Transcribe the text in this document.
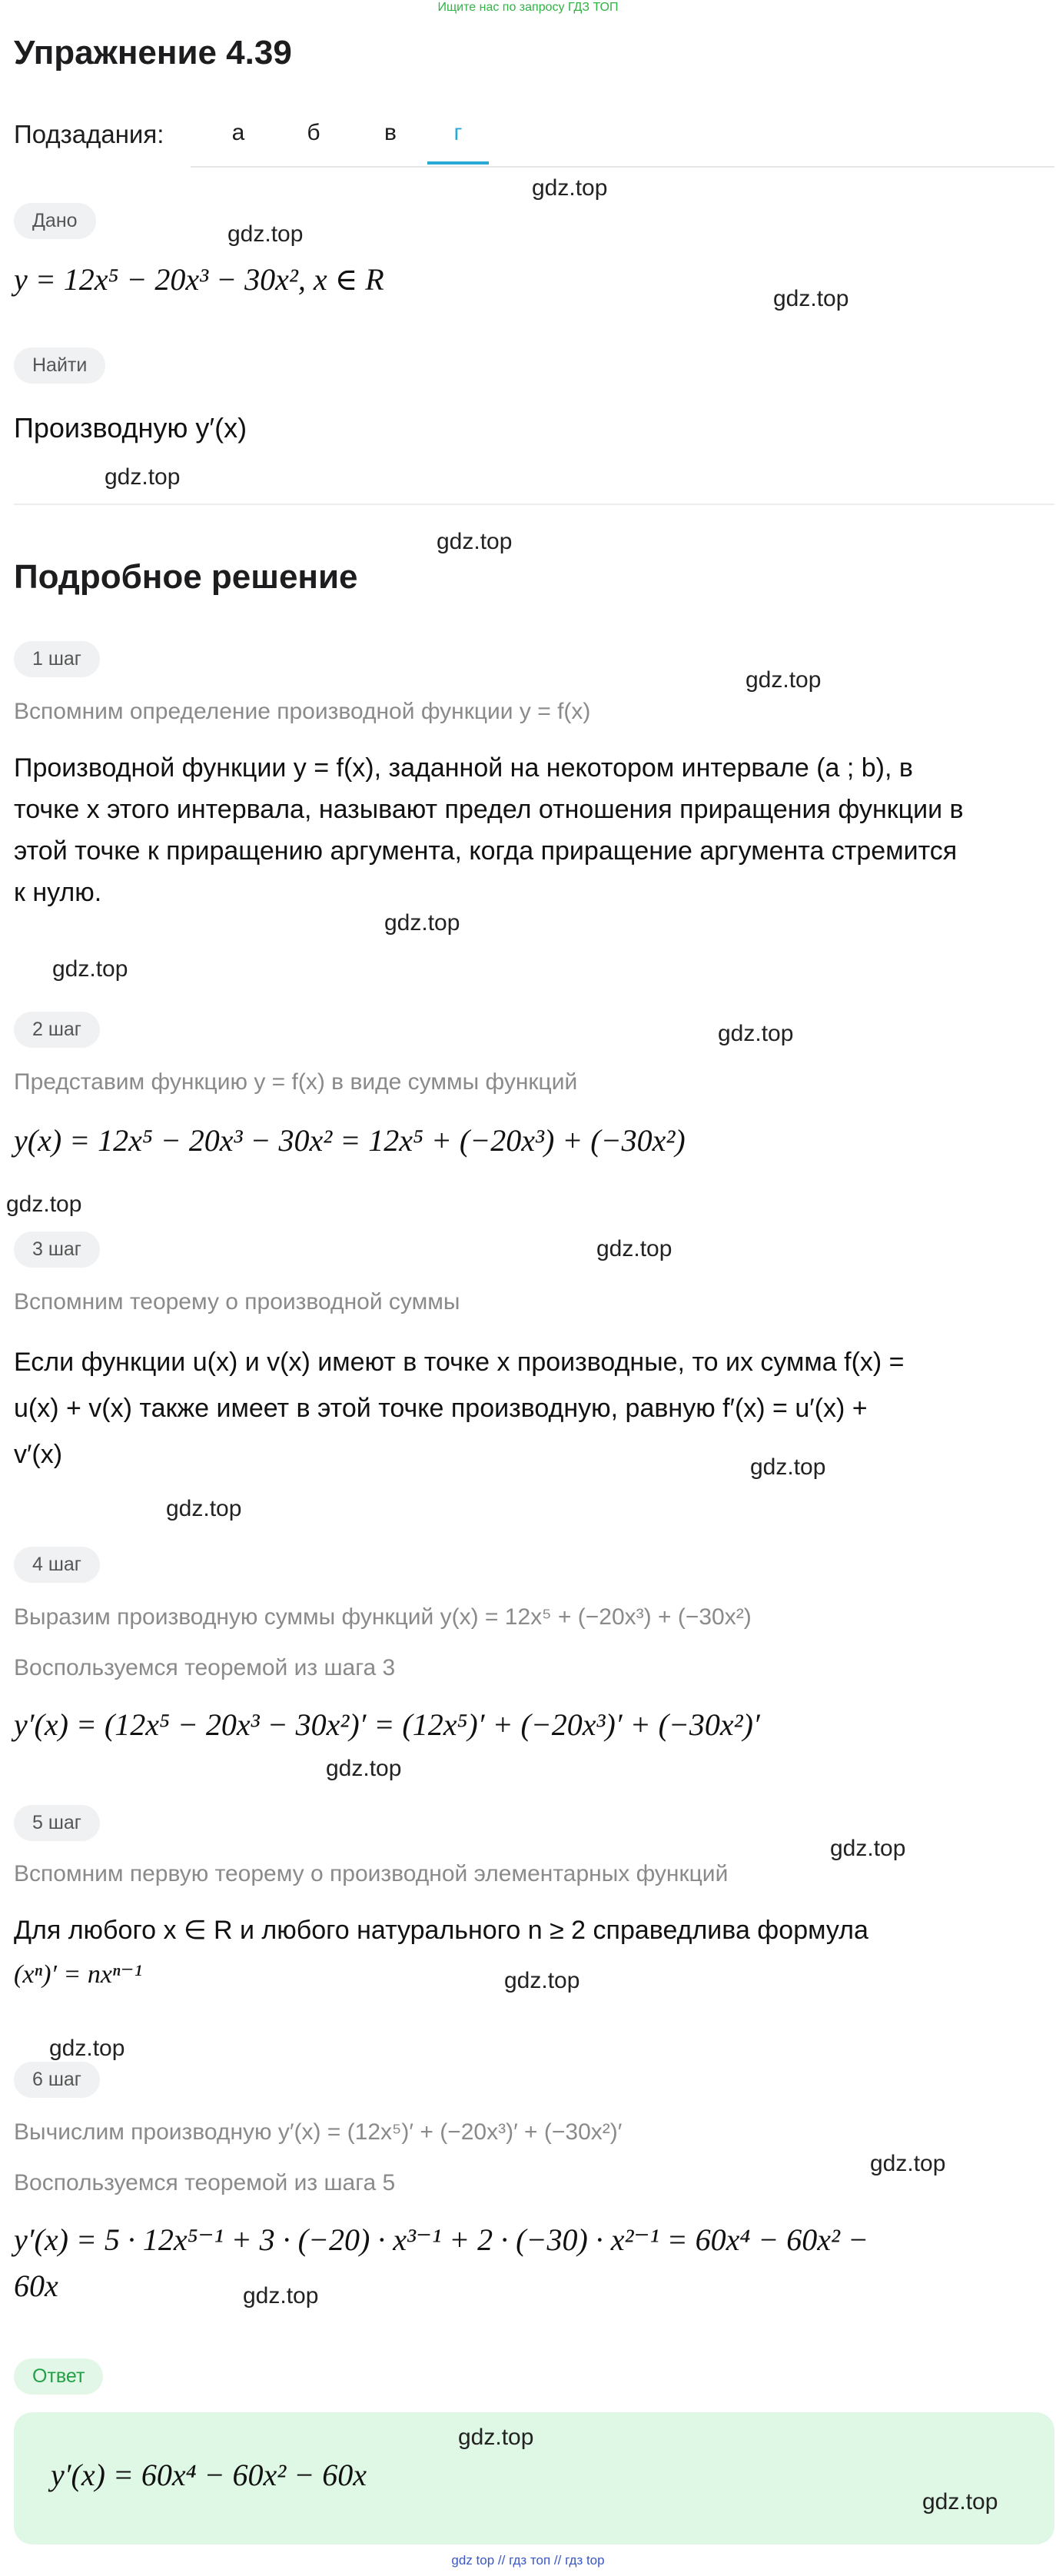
Ищите нас по запросу ГДЗ ТОП
Упражнение 4.39
Подзадания:	а	б	в	г
Дано
y = 12x⁵ − 20x³ − 30x², x ∈ R
Найти
Производную y′(x)
Подробное решение
1 шаг
Вспомним определение производной функции y = f(x)
Производной функции y = f(x), заданной на некотором интервале (a ; b), в
точке x этого интервала, называют предел отношения приращения функции в
этой точке к приращению аргумента, когда приращение аргумента стремится
к нулю.
2 шаг
Представим функцию y = f(x) в виде суммы функций
y(x) = 12x⁵ − 20x³ − 30x² = 12x⁵ + (−20x³) + (−30x²)
3 шаг
Вспомним теорему о производной суммы
Если функции u(x) и v(x) имеют в точке x производные, то их сумма f(x) =
u(x) + v(x) также имеет в этой точке производную, равную f′(x) = u′(x) +
v′(x)
4 шаг
Выразим производную суммы функций y(x) = 12x⁵ + (−20x³) + (−30x²)
Воспользуемся теоремой из шага 3
y′(x) = (12x⁵ − 20x³ − 30x²)′ = (12x⁵)′ + (−20x³)′ + (−30x²)′
5 шаг
Вспомним первую теорему о производной элементарных функций
Для любого x ∈ R и любого натурального n ≥ 2 справедлива формула
(xⁿ)′ = nxⁿ⁻¹
6 шаг
Вычислим производную y′(x) = (12x⁵)′ + (−20x³)′ + (−30x²)′
Воспользуемся теоремой из шага 5
y′(x) = 5 · 12x⁵⁻¹ + 3 · (−20) · x³⁻¹ + 2 · (−30) · x²⁻¹ = 60x⁴ − 60x² −
60x
Ответ
y′(x) = 60x⁴ − 60x² − 60x
gdz.top
gdz.top
gdz.top
gdz.top
gdz.top
gdz.top
gdz.top
gdz.top
gdz.top
gdz.top
gdz.top
gdz.top
gdz.top
gdz.top
gdz.top
gdz.top
gdz.top
gdz.top
gdz.top
gdz.top
gdz.top
gdz top // гдз топ // гдз top
